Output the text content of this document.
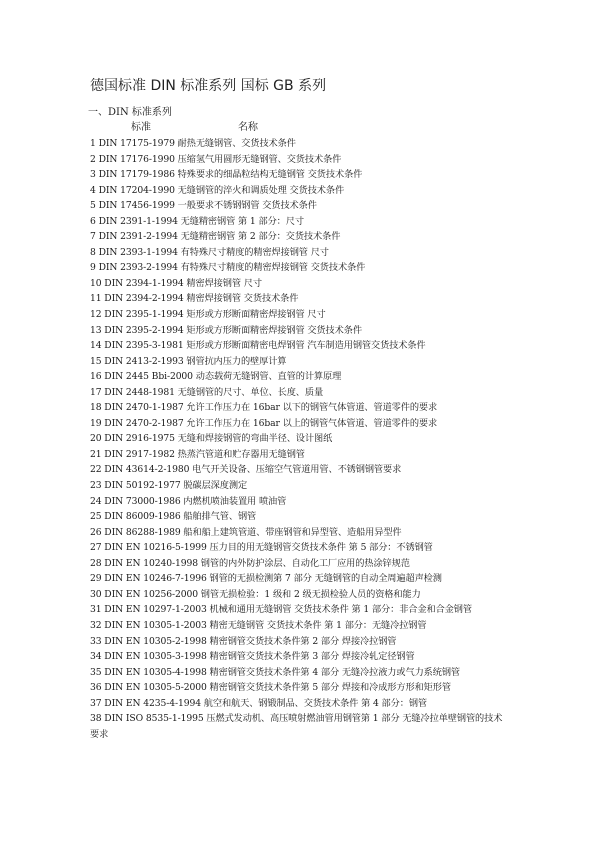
德国标准 DIN 标准系列 国标 GB 系列
一、DIN 标准系列
标准	名称
1 DIN 17175-1979 耐热无缝钢管、交货技术条件
2 DIN 17176-1990 压缩氢气用圆形无缝钢管、交货技术条件
3 DIN 17179-1986 特殊要求的细晶粒结构无缝钢管 交货技术条件
4 DIN 17204-1990 无缝钢管的淬火和调质处理 交货技术条件
5 DIN 17456-1999 一般要求不锈钢钢管 交货技术条件
6 DIN 2391-1-1994 无缝精密钢管 第 1 部分：尺寸
7 DIN 2391-2-1994 无缝精密钢管 第 2 部分：交货技术条件
8 DIN 2393-1-1994 有特殊尺寸精度的精密焊接钢管 尺寸
9 DIN 2393-2-1994 有特殊尺寸精度的精密焊接钢管 交货技术条件
10 DIN 2394-1-1994 精密焊接钢管 尺寸
11 DIN 2394-2-1994 精密焊接钢管 交货技术条件
12 DIN 2395-1-1994 矩形或方形断面精密焊接钢管 尺寸
13 DIN 2395-2-1994 矩形或方形断面精密焊接钢管 交货技术条件
14 DIN 2395-3-1981 矩形或方形断面精密电焊钢管 汽车制造用钢管交货技术条件
15 DIN 2413-2-1993 钢管抗内压力的壁厚计算
16 DIN 2445 Bbi-2000 动态载荷无缝钢管、直管的计算原理
17 DIN 2448-1981 无缝钢管的尺寸、单位、长度、质量
18 DIN 2470-1-1987 允许工作压力在 16bar 以下的钢管气体管道、管道零件的要求
19 DIN 2470-2-1987 允许工作压力在 16bar 以上的钢管气体管道、管道零件的要求
20 DIN 2916-1975 无缝和焊接钢管的弯曲半径、设计图纸
21 DIN 2917-1982 热蒸汽管道和贮存器用无缝钢管
22 DIN 43614-2-1980 电气开关设备、压缩空气管道用管、不锈钢钢管要求
23 DIN 50192-1977 脱碳层深度测定
24 DIN 73000-1986 内燃机喷油装置用 喷油管
25 DIN 86009-1986 船舶排气管、钢管
26 DIN 86288-1989 船和船上建筑管道、带座钢管和异型管、造船用异型件
27 DIN EN 10216-5-1999 压力目的用无缝钢管交货技术条件 第 5 部分：不锈钢管
28 DIN EN 10240-1998 钢管的内外防护涂层、自动化工厂应用的热涂锌规范
29 DIN EN 10246-7-1996 钢管的无损检测第 7 部分 无缝钢管的自动全周遍超声检测
30 DIN EN 10256-2000 钢管无损检验：1 级和 2 级无损检验人员的资格和能力
31 DIN EN 10297-1-2003 机械和通用无缝钢管 交货技术条件 第 1 部分：非合金和合金钢管
32 DIN EN 10305-1-2003 精密无缝钢管 交货技术条件 第 1 部分：无缝冷拉钢管
33 DIN EN 10305-2-1998 精密钢管交货技术条件第 2 部分 焊接冷拉钢管
34 DIN EN 10305-3-1998 精密钢管交货技术条件第 3 部分 焊接冷轧定径钢管
35 DIN EN 10305-4-1998 精密钢管交货技术条件第 4 部分 无缝冷拉液力或气力系统钢管
36 DIN EN 10305-5-2000 精密钢管交货技术条件第 5 部分 焊接和冷成形方形和矩形管
37 DIN EN 4235-4-1994 航空和航天、钢锻制品、交货技术条件 第 4 部分：钢管
38 DIN ISO 8535-1-1995 压燃式发动机、高压喷射燃油管用钢管第 1 部分 无缝冷拉单壁钢管的技术要求
